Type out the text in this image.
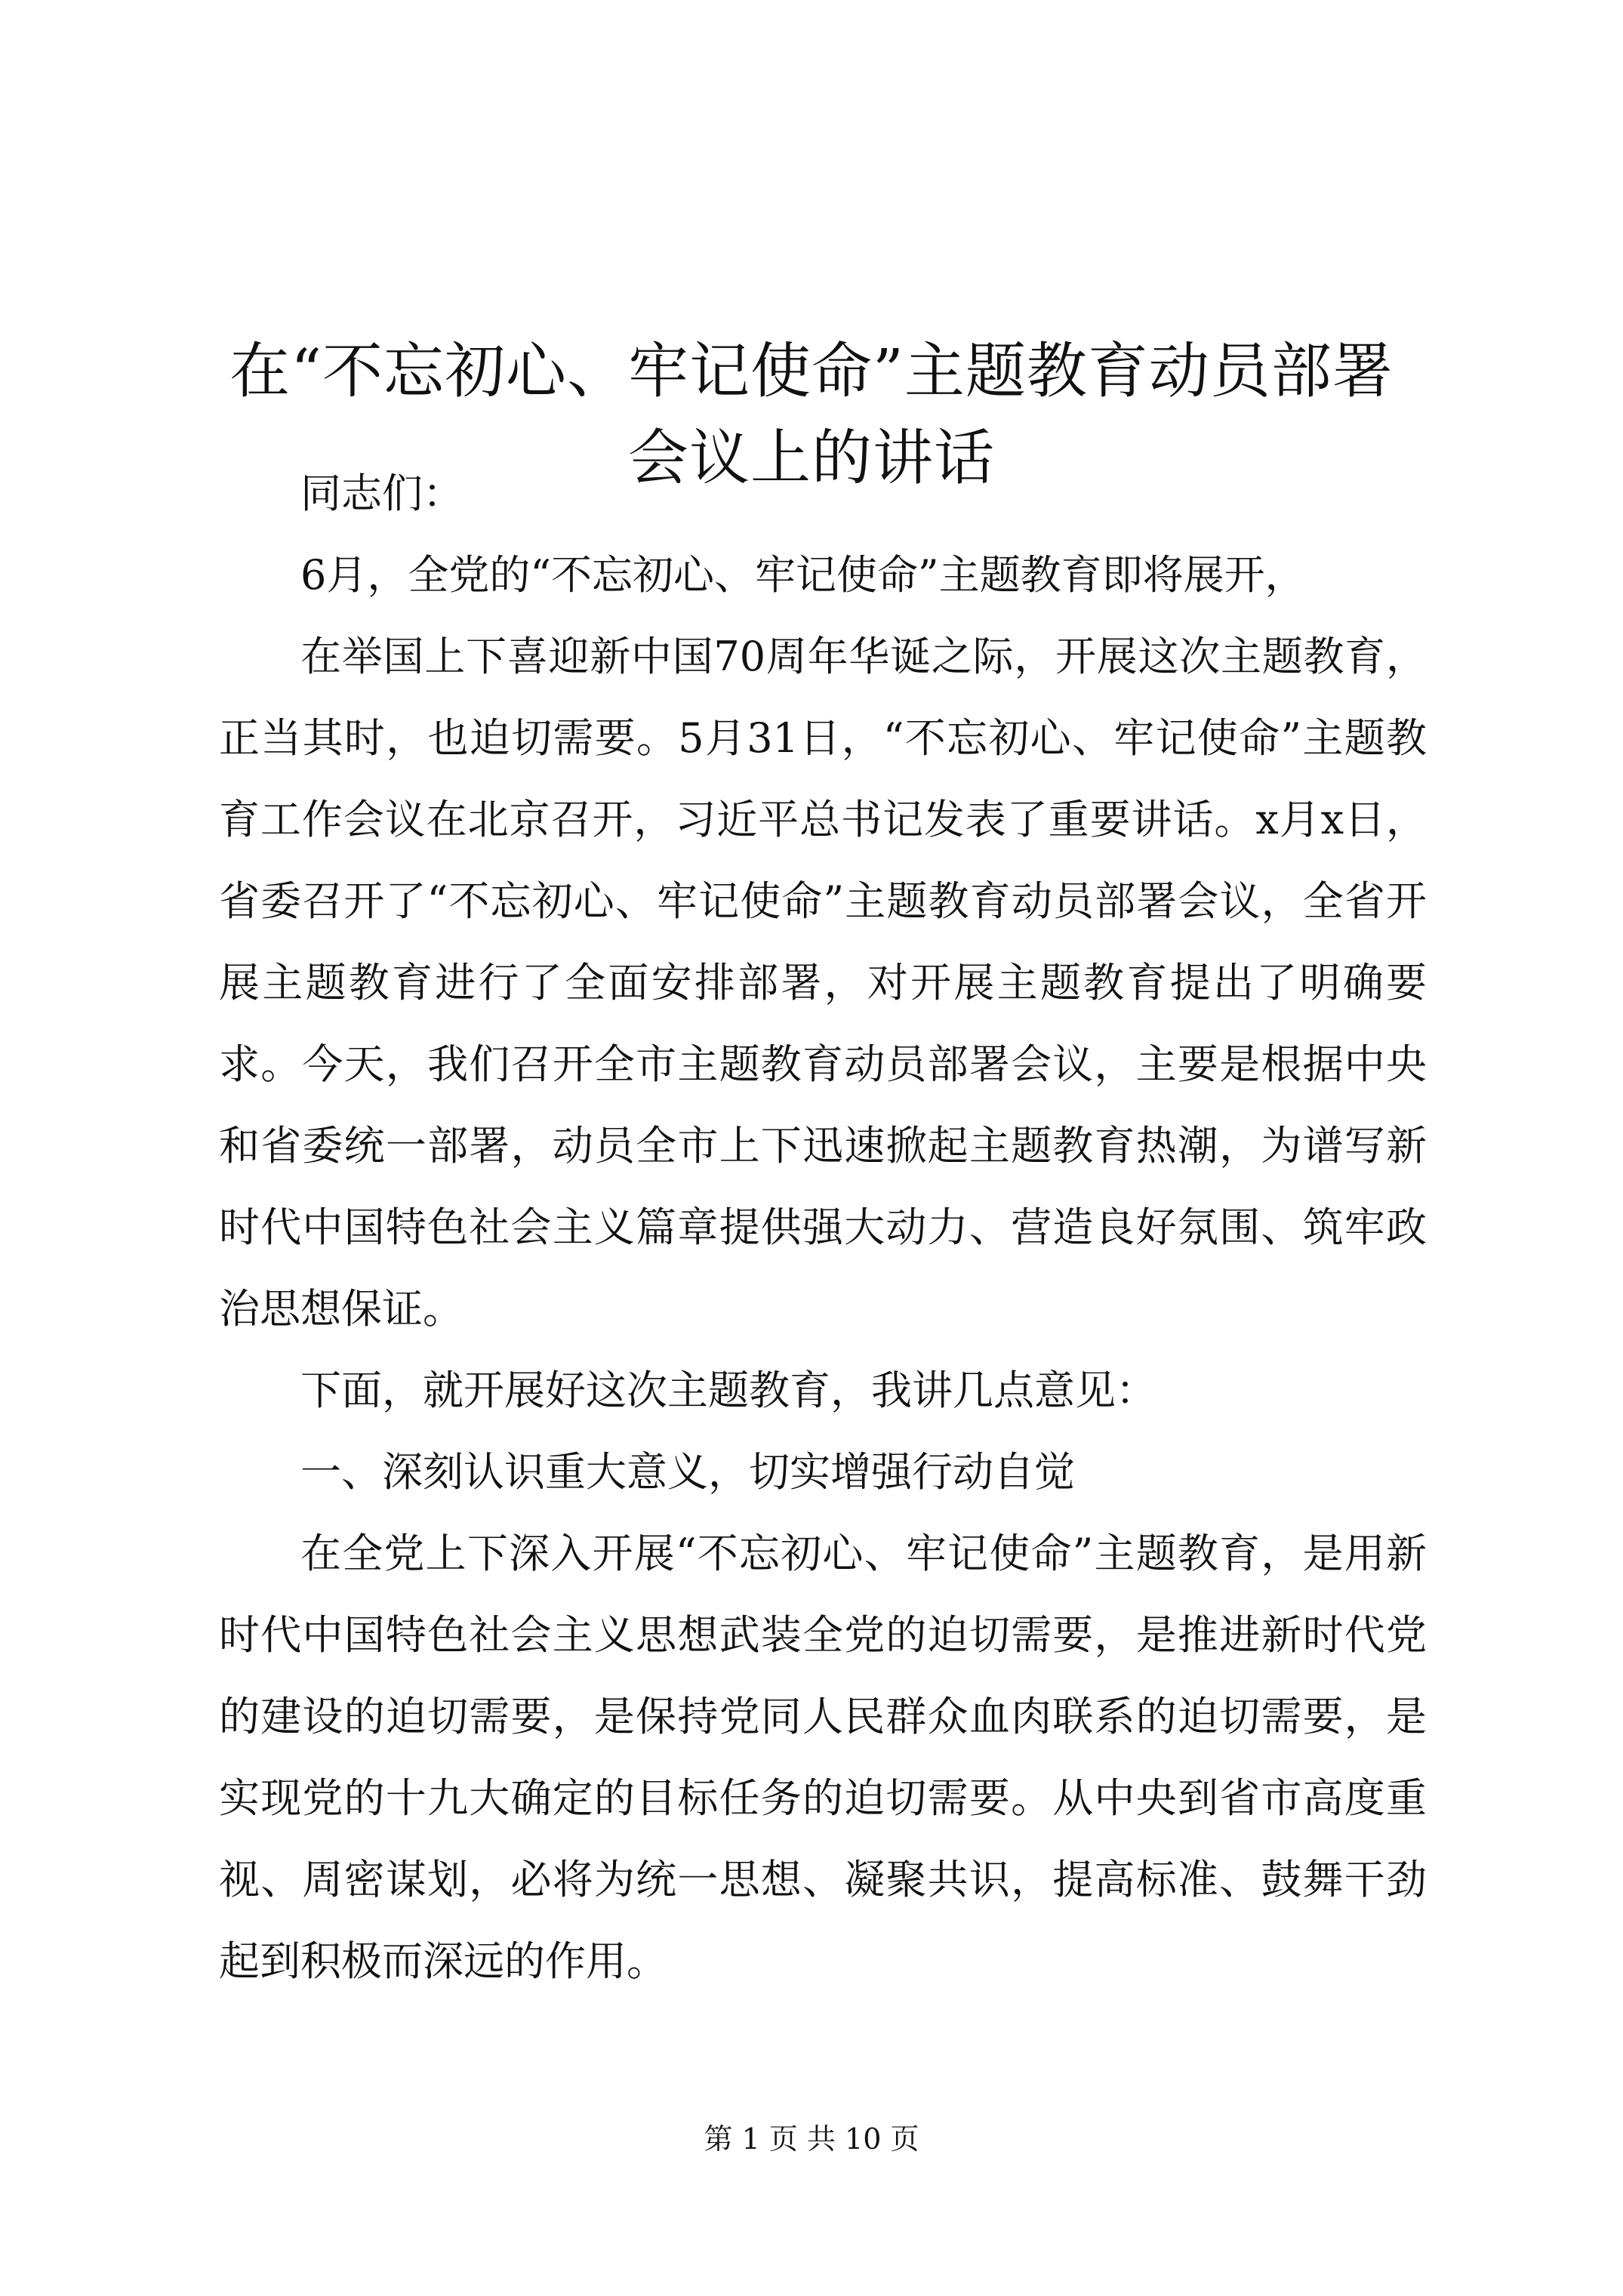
在“不忘初心、牢记使命”主题教育动员部署
会议上的讲话

同志们：

6月，全党的“不忘初心、牢记使命”主题教育即将展开，

在举国上下喜迎新中国70周年华诞之际，开展这次主题教育，正当其时，也迫切需要。5月31日，“不忘初心、牢记使命”主题教育工作会议在北京召开，习近平总书记发表了重要讲话。x月x日，省委召开了“不忘初心、牢记使命”主题教育动员部署会议，全省开展主题教育进行了全面安排部署，对开展主题教育提出了明确要求。今天，我们召开全市主题教育动员部署会议，主要是根据中央和省委统一部署，动员全市上下迅速掀起主题教育热潮，为谱写新时代中国特色社会主义篇章提供强大动力、营造良好氛围、筑牢政治思想保证。

下面，就开展好这次主题教育，我讲几点意见：

一、深刻认识重大意义，切实增强行动自觉

在全党上下深入开展“不忘初心、牢记使命”主题教育，是用新时代中国特色社会主义思想武装全党的迫切需要，是推进新时代党的建设的迫切需要，是保持党同人民群众血肉联系的迫切需要，是实现党的十九大确定的目标任务的迫切需要。从中央到省市高度重视、周密谋划，必将为统一思想、凝聚共识，提高标准、鼓舞干劲起到积极而深远的作用。

第 1 页 共 10 页
